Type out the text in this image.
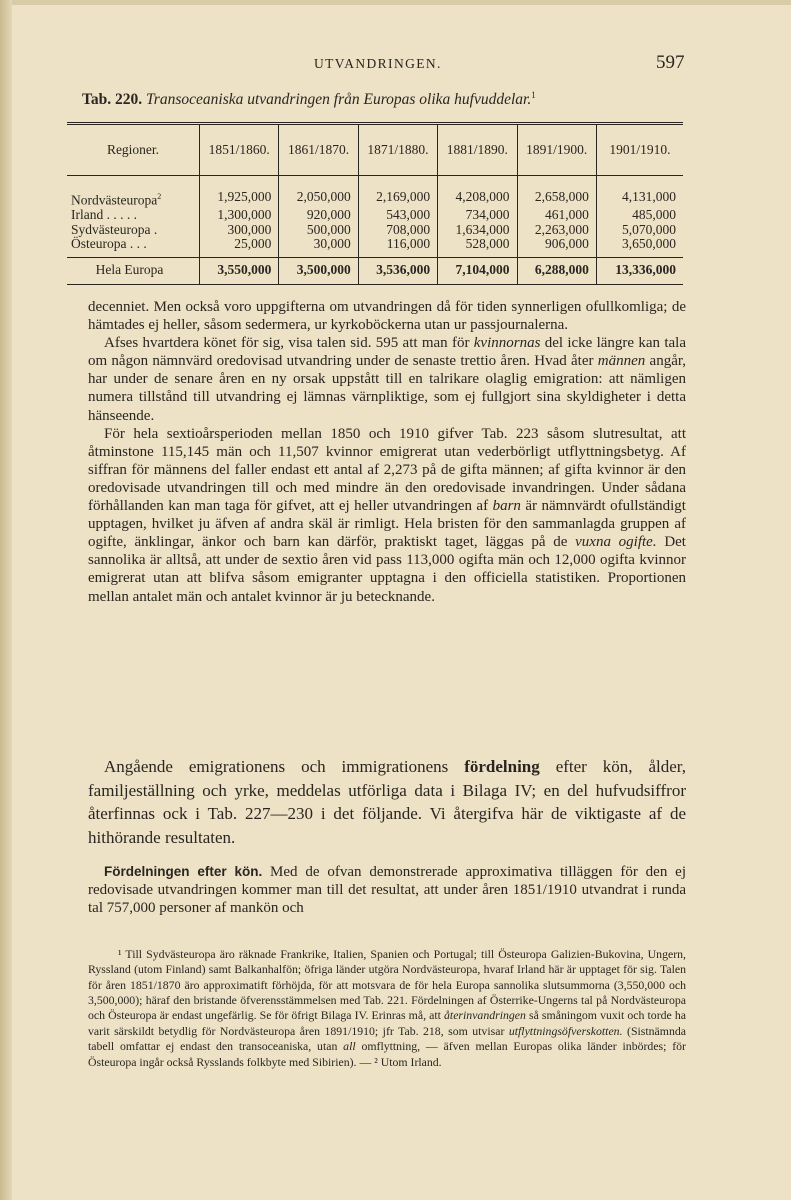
UTVANDRINGEN.	597
Tab. 220. Transoceaniska utvandringen från Europas olika hufvuddelar.$^1$
Regioner.	1851/1860.	1861/1870.	1871/1880.	1881/1890.	1891/1900.	1901/1910.

Nordvästeuropa$^2$	1,925,000	2,050,000	2,169,000	4,208,000	2,658,000	4,131,000
Irland . . . . .	1,300,000	920,000	543,000	734,000	461,000	485,000
Sydvästeuropa .	300,000	500,000	708,000	1,634,000	2,263,000	5,070,000
Östeuropa . . .	25,000	30,000	116,000	528,000	906,000	3,650,000
Hela Europa	3,550,000	3,500,000	3,536,000	7,104,000	6,288,000	13,336,000

decenniet. Men också voro uppgifterna om utvandringen då för tiden synnerligen ofullkomliga; de hämtades ej heller, såsom sedermera, ur kyrkoböckerna utan ur passjournalerna.

Afses hvartdera könet för sig, visa talen sid. 595 att man för kvinnornas del icke längre kan tala om någon nämnvärd oredovisad utvandring under de senaste trettio åren. Hvad åter männen angår, har under de senare åren en ny orsak uppstått till en talrikare olaglig emigration: att nämligen numera tillstånd till utvandring ej lämnas värnpliktige, som ej fullgjort sina skyldigheter i detta hänseende.

För hela sextioårsperioden mellan 1850 och 1910 gifver Tab. 223 såsom slutresultat, att åtminstone 115,145 män och 11,507 kvinnor emigrerat utan vederbörligt utflyttningsbetyg. Af siffran för männens del faller endast ett antal af 2,273 på de gifta männen; af gifta kvinnor är den oredovisade utvandringen till och med mindre än den oredovisade invandringen. Under sådana förhållanden kan man taga för gifvet, att ej heller utvandringen af barn är nämnvärdt ofullständigt upptagen, hvilket ju äfven af andra skäl är rimligt. Hela bristen för den sammanlagda gruppen af ogifte, änklingar, änkor och barn kan därför, praktiskt taget, läggas på de vuxna ogifte. Det sannolika är alltså, att under de sextio åren vid pass 113,000 ogifta män och 12,000 ogifta kvinnor emigrerat utan att blifva såsom emigranter upptagna i den officiella statistiken. Proportionen mellan antalet män och antalet kvinnor är ju betecknande.

Angående emigrationens och immigrationens fördelning efter kön, ålder, familjeställning och yrke, meddelas utförliga data i Bilaga IV; en del hufvudsiffror återfinnas ock i Tab. 227—230 i det följande. Vi återgifva här de viktigaste af de hithörande resultaten.

Fördelningen efter kön. Med de ofvan demonstrerade approximativa tilläggen för den ej redovisade utvandringen kommer man till det resultat, att under åren 1851/1910 utvandrat i runda tal 757,000 personer af mankön och

¹ Till Sydvästeuropa äro räknade Frankrike, Italien, Spanien och Portugal; till Östeuropa Galizien-Bukovina, Ungern, Ryssland (utom Finland) samt Balkanhalfön; öfriga länder utgöra Nordvästeuropa, hvaraf Irland här är upptaget för sig. Talen för åren 1851/1870 äro approximatift förhöjda, för att motsvara de för hela Europa sannolika slutsummorna (3,550,000 och 3,500,000); häraf den bristande öfverensstämmelsen med Tab. 221. Fördelningen af Österrike-Ungerns tal på Nordvästeuropa och Östeuropa är endast ungefärlig. Se för öfrigt Bilaga IV. Erinras må, att återinvandringen så småningom vuxit och torde ha varit särskildt betydlig för Nordvästeuropa åren 1891/1910; jfr Tab. 218, som utvisar utflyttningsöfverskotten. (Sistnämnda tabell omfattar ej endast den transoceaniska, utan all omflyttning, — äfven mellan Europas olika länder inbördes; för Östeuropa ingår också Rysslands folkbyte med Sibirien). — ² Utom Irland.
